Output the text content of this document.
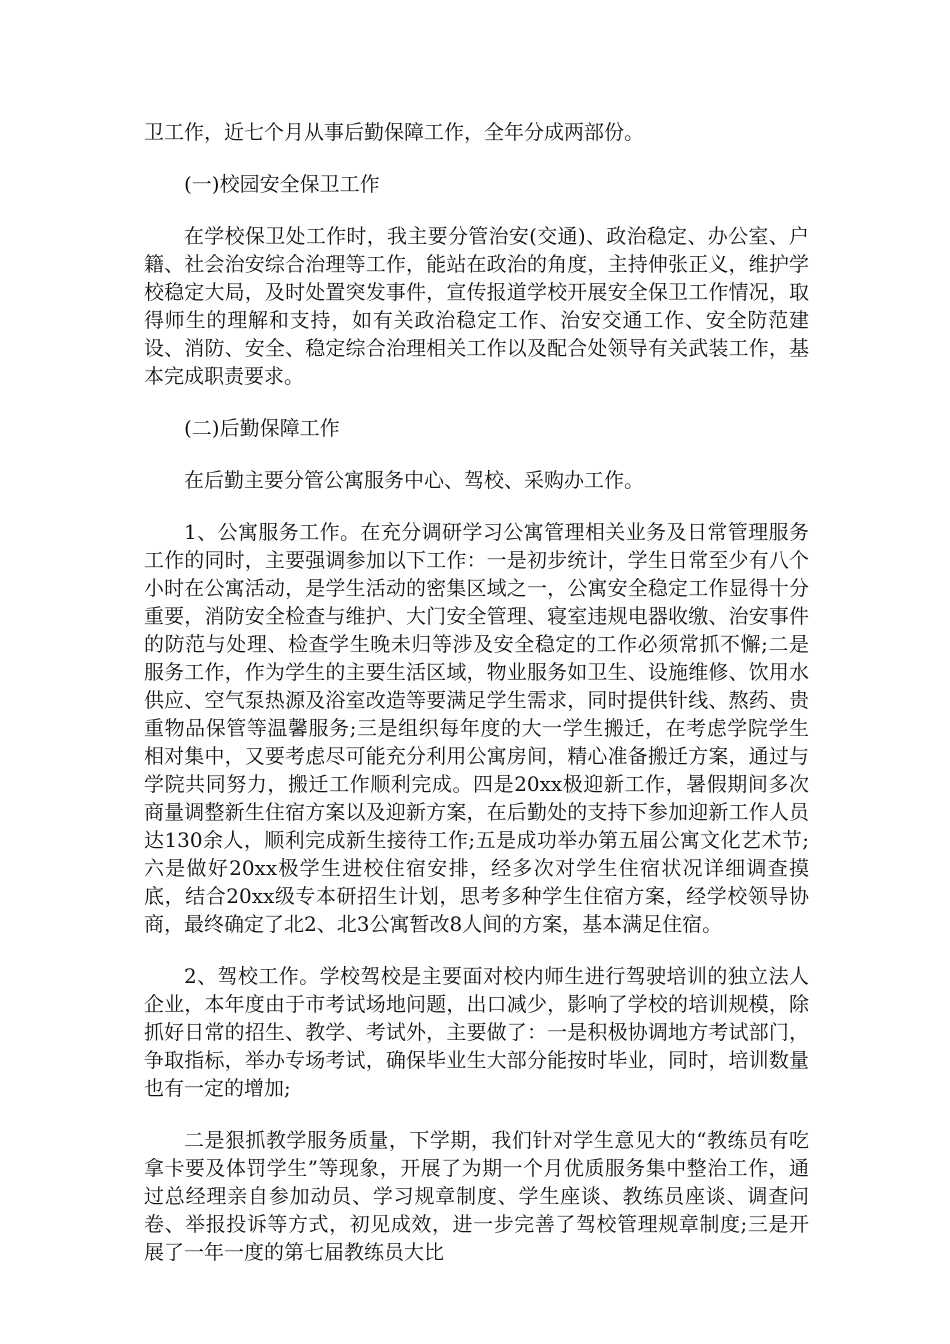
卫工作，近七个月从事后勤保障工作，全年分成两部份。

(一)校园安全保卫工作

在学校保卫处工作时，我主要分管治安(交通)、政治稳定、办公室、户籍、社会治安综合治理等工作，能站在政治的角度，主持伸张正义，维护学校稳定大局，及时处置突发事件，宣传报道学校开展安全保卫工作情况，取得师生的理解和支持，如有关政治稳定工作、治安交通工作、安全防范建设、消防、安全、稳定综合治理相关工作以及配合处领导有关武装工作，基本完成职责要求。

(二)后勤保障工作

在后勤主要分管公寓服务中心、驾校、采购办工作。

1、公寓服务工作。在充分调研学习公寓管理相关业务及日常管理服务工作的同时，主要强调参加以下工作：一是初步统计，学生日常至少有八个小时在公寓活动，是学生活动的密集区域之一，公寓安全稳定工作显得十分重要，消防安全检查与维护、大门安全管理、寝室违规电器收缴、治安事件的防范与处理、检查学生晚未归等涉及安全稳定的工作必须常抓不懈;二是服务工作，作为学生的主要生活区域，物业服务如卫生、设施维修、饮用水供应、空气泵热源及浴室改造等要满足学生需求，同时提供针线、熬药、贵重物品保管等温馨服务;三是组织每年度的大一学生搬迁，在考虑学院学生相对集中，又要考虑尽可能充分利用公寓房间，精心准备搬迁方案，通过与学院共同努力，搬迁工作顺利完成。四是20xx极迎新工作，暑假期间多次商量调整新生住宿方案以及迎新方案，在后勤处的支持下参加迎新工作人员达130余人，顺利完成新生接待工作;五是成功举办第五届公寓文化艺术节;六是做好20xx极学生进校住宿安排，经多次对学生住宿状况详细调查摸底，结合20xx级专本研招生计划，思考多种学生住宿方案，经学校领导协商，最终确定了北2、北3公寓暂改8人间的方案，基本满足住宿。

2、驾校工作。学校驾校是主要面对校内师生进行驾驶培训的独立法人企业，本年度由于市考试场地问题，出口减少，影响了学校的培训规模，除抓好日常的招生、教学、考试外，主要做了：一是积极协调地方考试部门，争取指标，举办专场考试，确保毕业生大部分能按时毕业，同时，培训数量也有一定的增加;

二是狠抓教学服务质量，下学期，我们针对学生意见大的“教练员有吃拿卡要及体罚学生”等现象，开展了为期一个月优质服务集中整治工作，通过总经理亲自参加动员、学习规章制度、学生座谈、教练员座谈、调查问卷、举报投诉等方式，初见成效，进一步完善了驾校管理规章制度;三是开展了一年一度的第七届教练员大比
